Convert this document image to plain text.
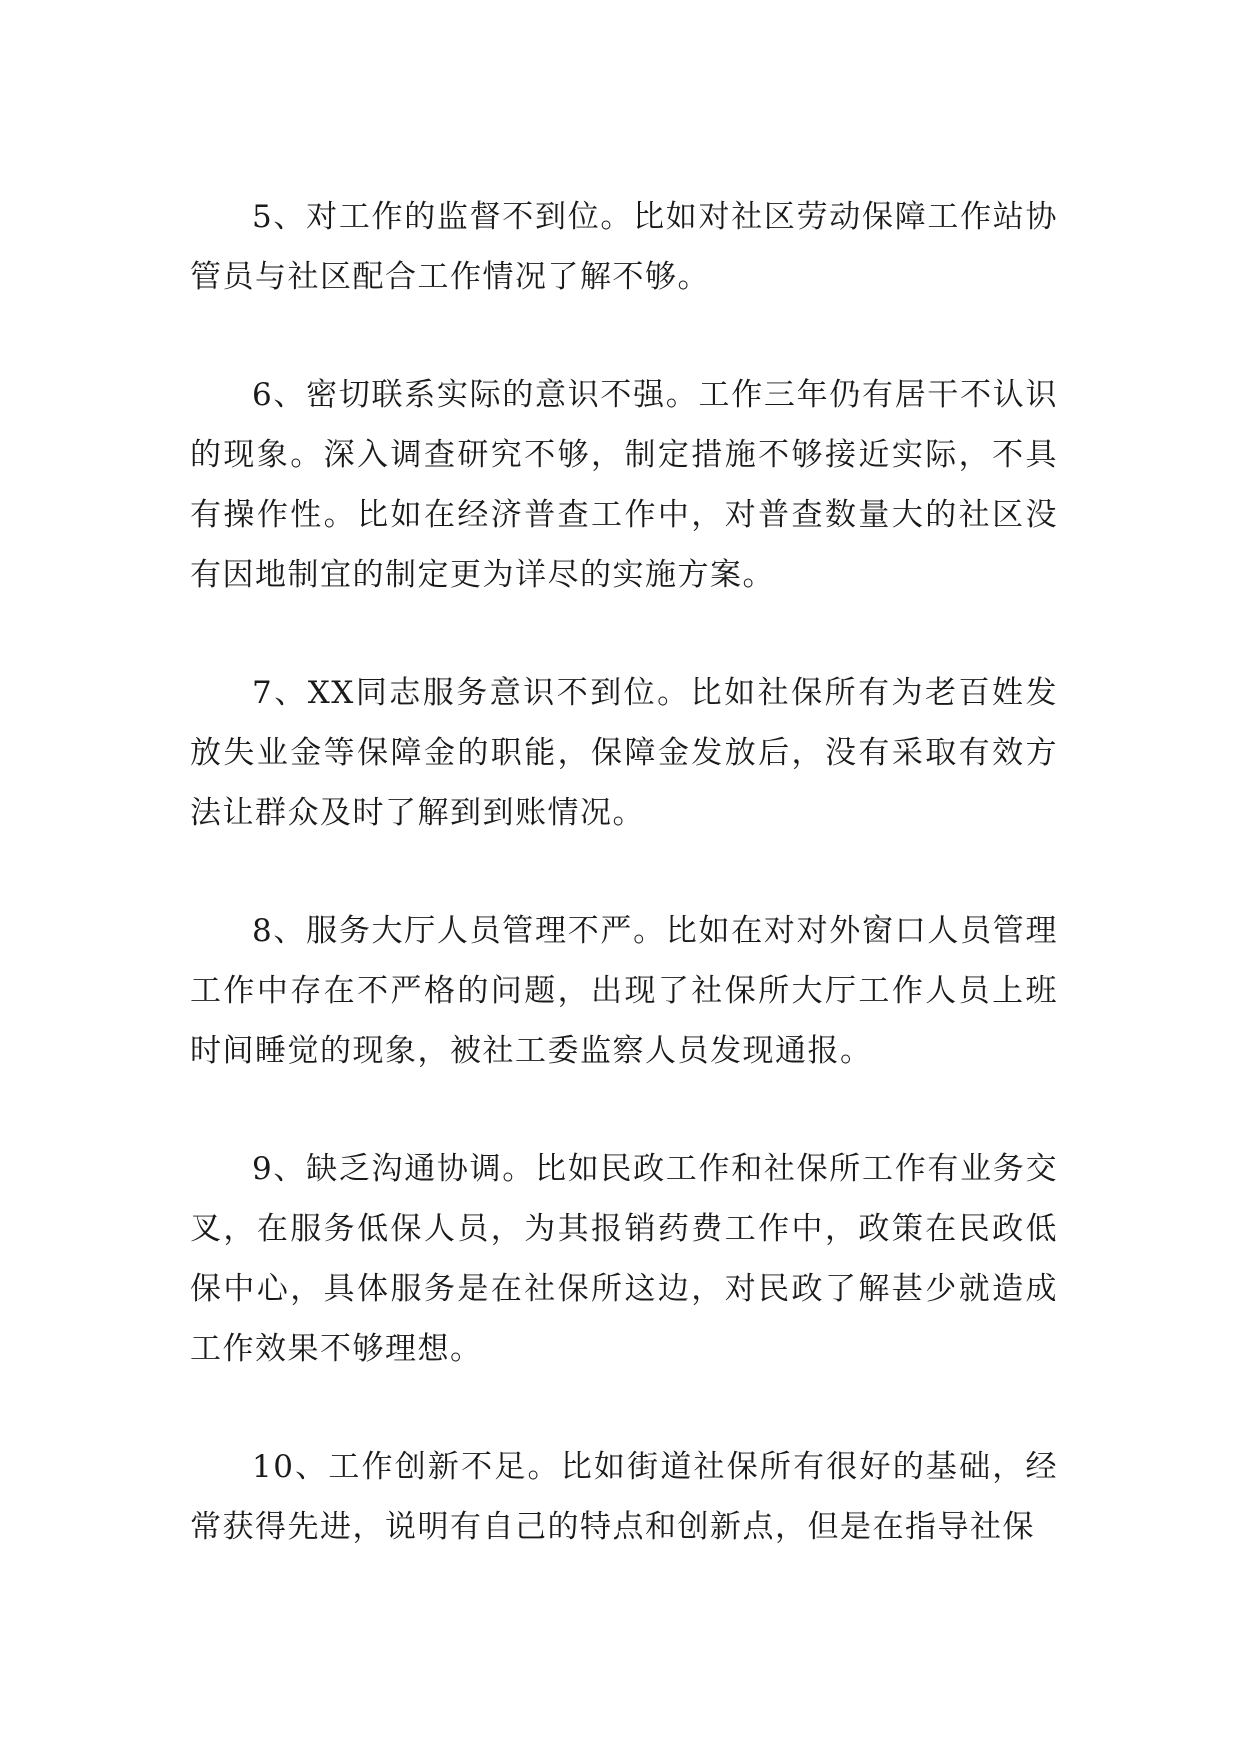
5、对工作的监督不到位。比如对社区劳动保障工作站协管员与社区配合工作情况了解不够。

6、密切联系实际的意识不强。工作三年仍有居干不认识的现象。深入调查研究不够，制定措施不够接近实际，不具有操作性。比如在经济普查工作中，对普查数量大的社区没有因地制宜的制定更为详尽的实施方案。

7、XX同志服务意识不到位。比如社保所有为老百姓发放失业金等保障金的职能，保障金发放后，没有采取有效方法让群众及时了解到到账情况。

8、服务大厅人员管理不严。比如在对对外窗口人员管理工作中存在不严格的问题，出现了社保所大厅工作人员上班时间睡觉的现象，被社工委监察人员发现通报。

9、缺乏沟通协调。比如民政工作和社保所工作有业务交叉，在服务低保人员，为其报销药费工作中，政策在民政低保中心，具体服务是在社保所这边，对民政了解甚少就造成工作效果不够理想。

10、工作创新不足。比如街道社保所有很好的基础，经常获得先进，说明有自己的特点和创新点，但是在指导社保
